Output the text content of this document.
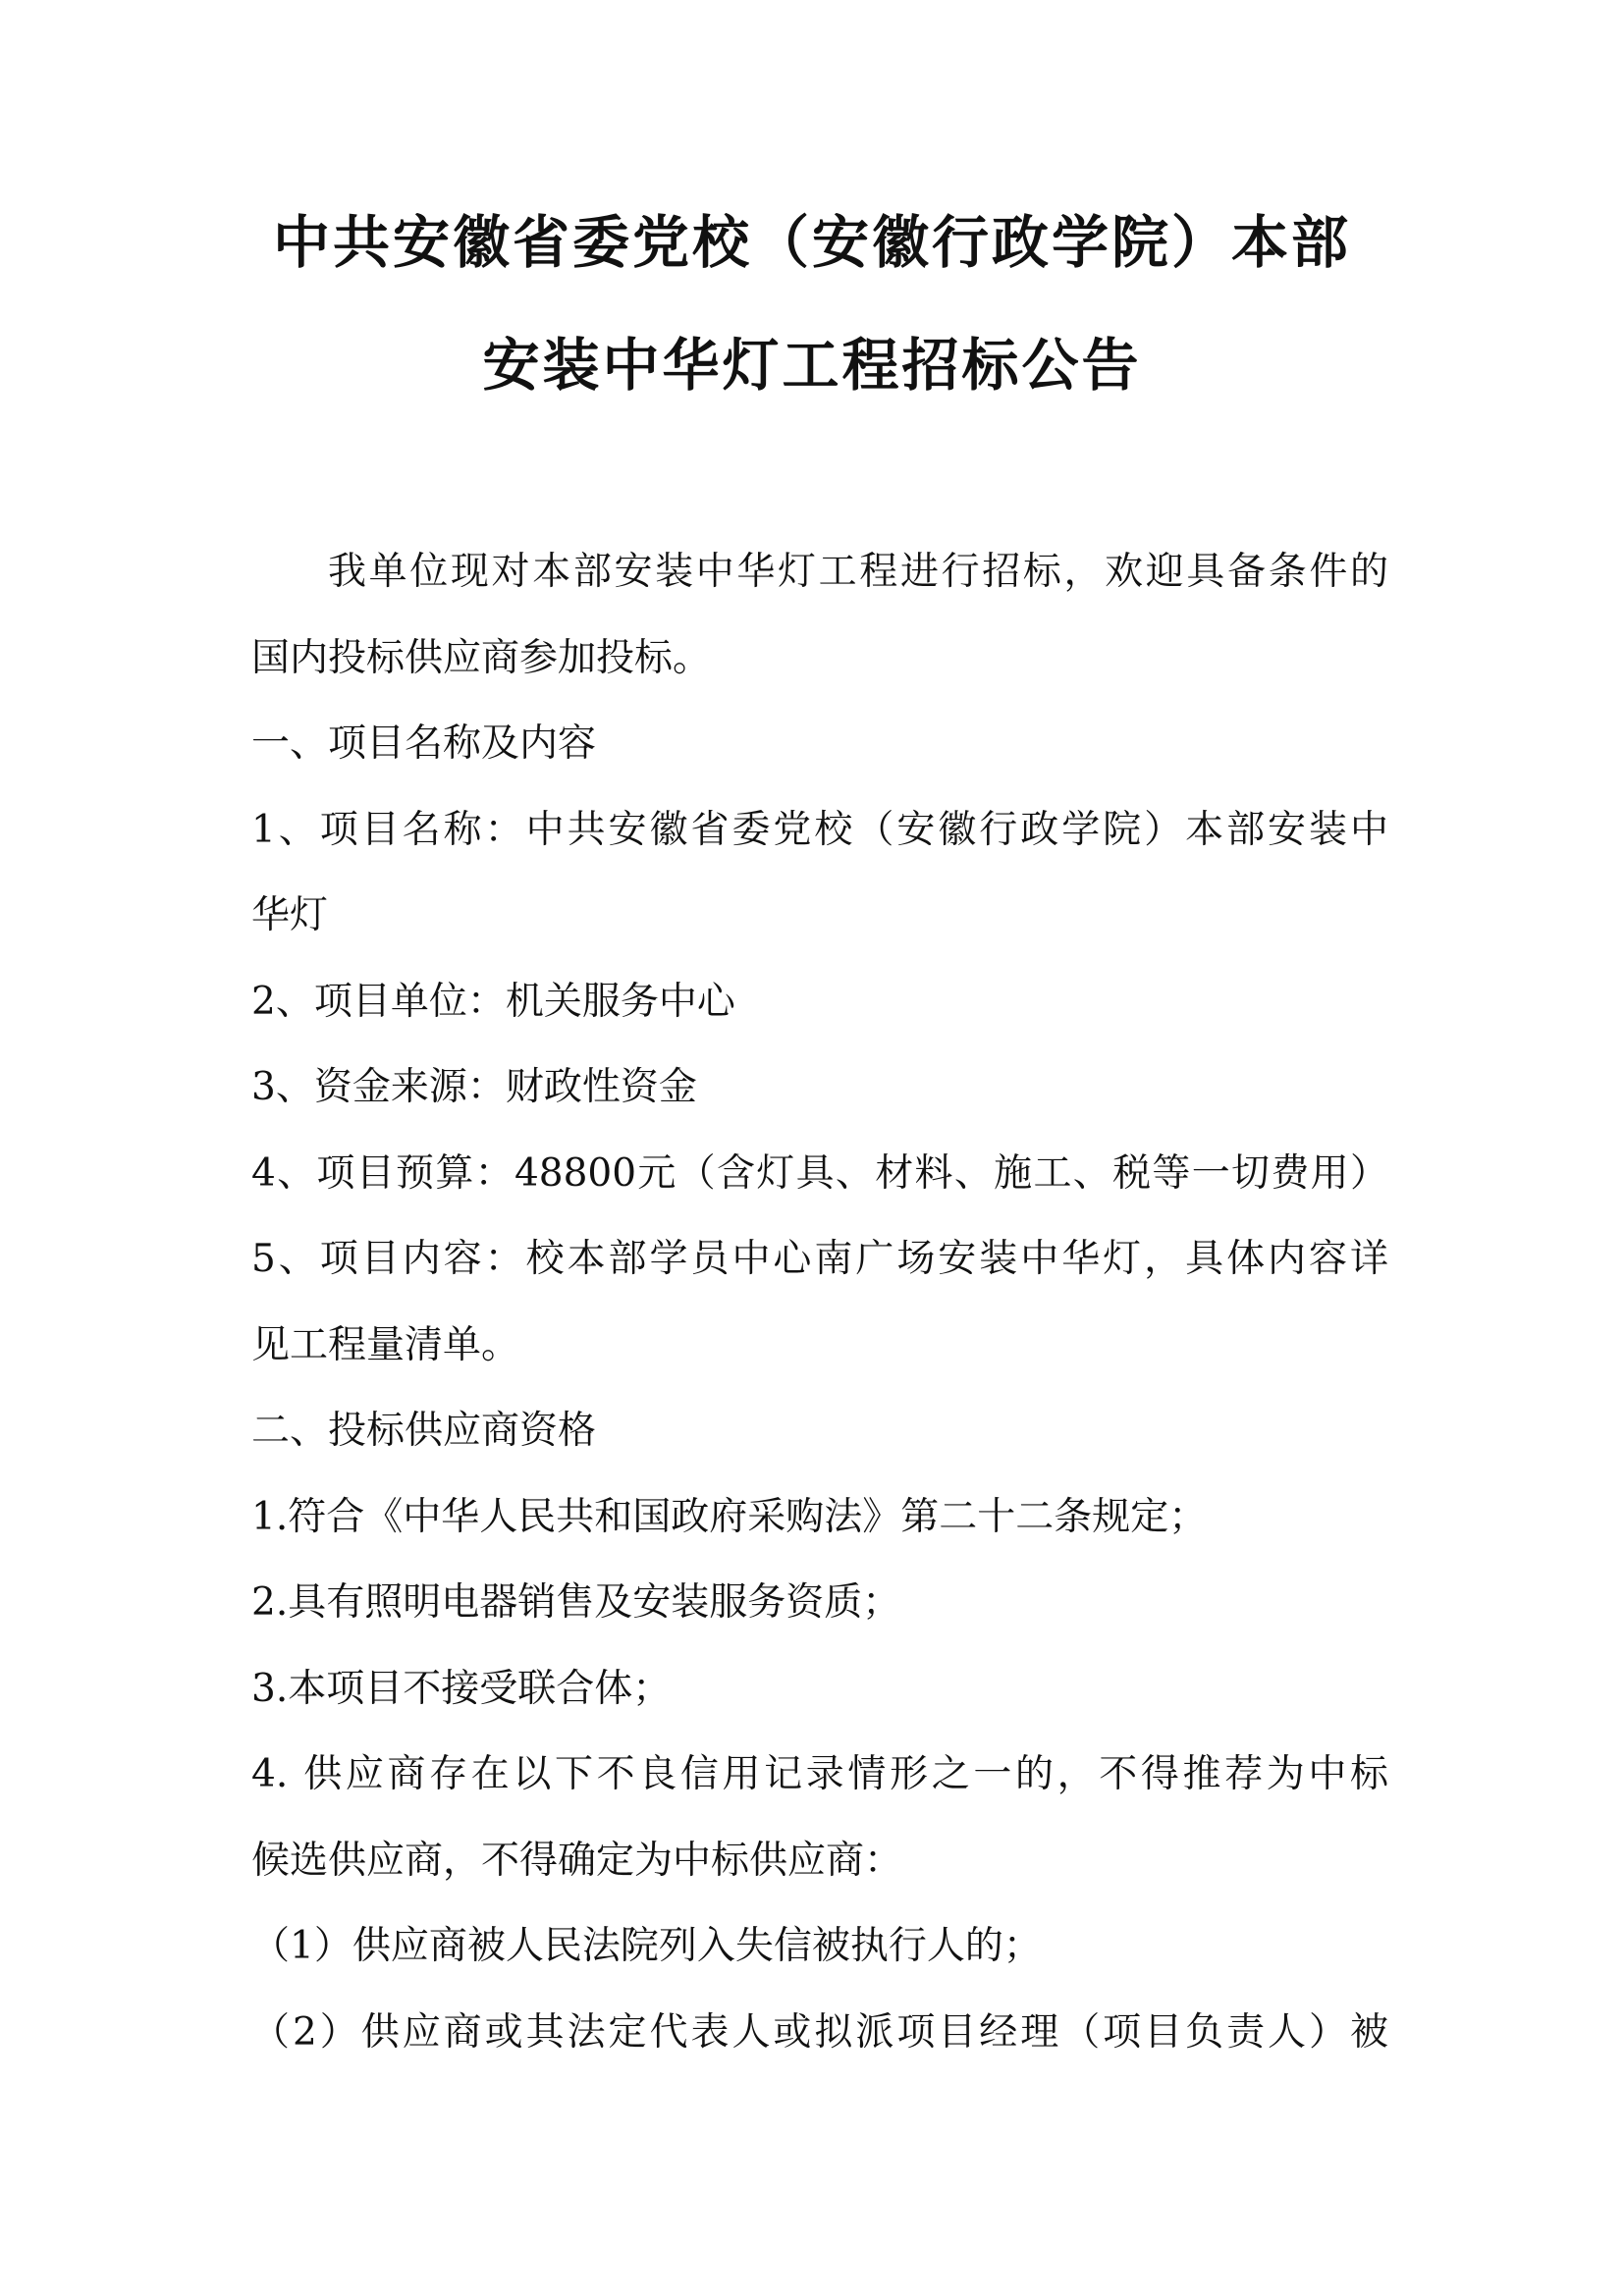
中共安徽省委党校（安徽行政学院）本部
安装中华灯工程招标公告
我单位现对本部安装中华灯工程进行招标，欢迎具备条件的
国内投标供应商参加投标。
一、项目名称及内容
1、项目名称：中共安徽省委党校（安徽行政学院）本部安装中
华灯
2、项目单位：机关服务中心
3、资金来源：财政性资金
4、项目预算：48800元（含灯具、材料、施工、税等一切费用）
5、项目内容：校本部学员中心南广场安装中华灯，具体内容详
见工程量清单。
二、投标供应商资格
1.符合《中华人民共和国政府采购法》第二十二条规定；
2.具有照明电器销售及安装服务资质；
3.本项目不接受联合体；
4. 供应商存在以下不良信用记录情形之一的，不得推荐为中标
候选供应商，不得确定为中标供应商：
（1）供应商被人民法院列入失信被执行人的；
（2）供应商或其法定代表人或拟派项目经理（项目负责人）被
